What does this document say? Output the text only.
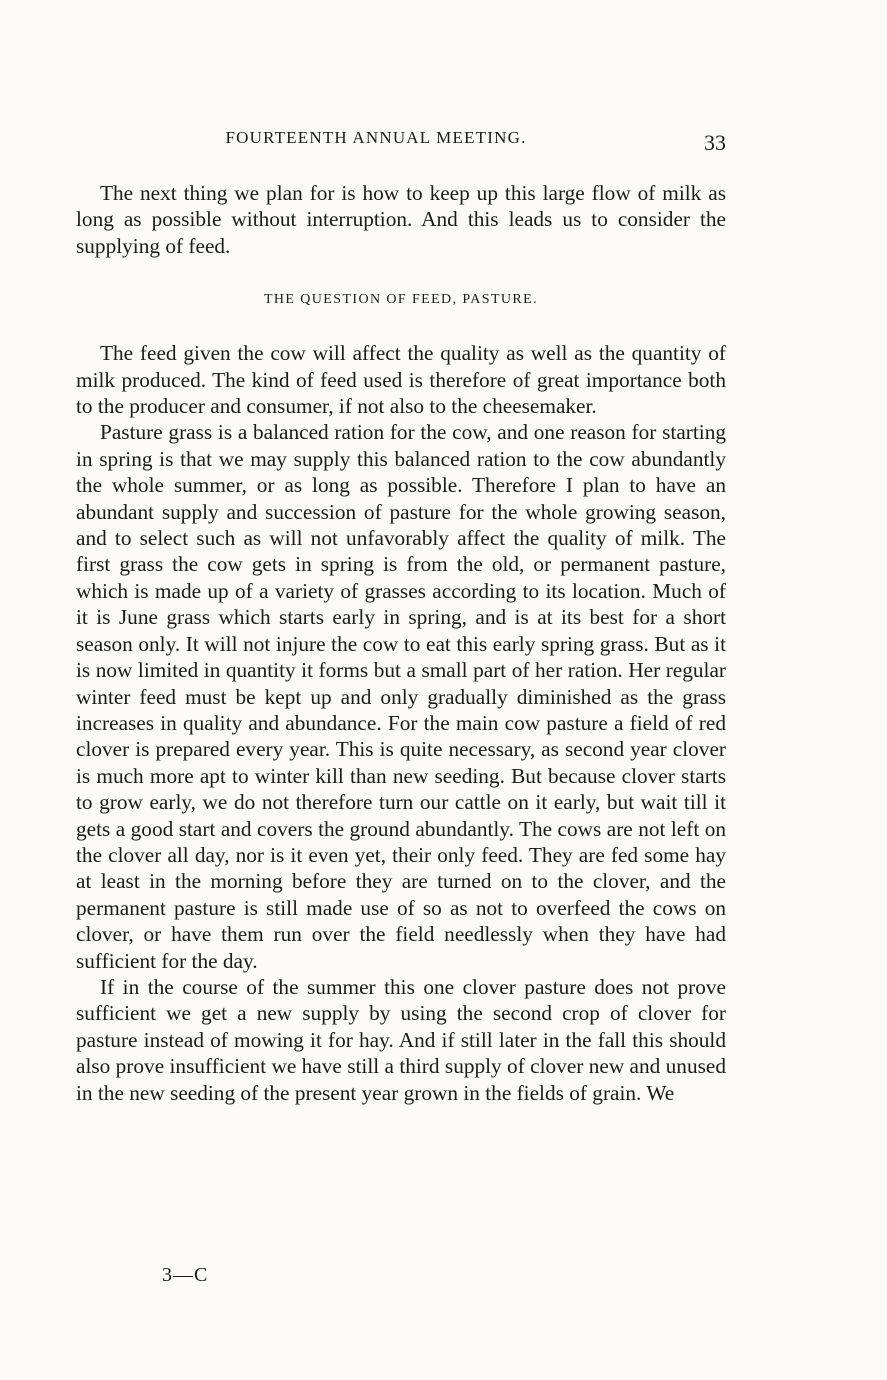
FOURTEENTH ANNUAL MEETING.	33

The next thing we plan for is how to keep up this large flow of milk as long as possible without interruption. And this leads us to consider the supplying of feed.

THE QUESTION OF FEED, PASTURE.

The feed given the cow will affect the quality as well as the quantity of milk produced. The kind of feed used is therefore of great importance both to the producer and consumer, if not also to the cheesemaker.

Pasture grass is a balanced ration for the cow, and one reason for starting in spring is that we may supply this balanced ration to the cow abundantly the whole summer, or as long as possible. Therefore I plan to have an abundant supply and succession of pasture for the whole growing season, and to select such as will not unfavorably affect the quality of milk. The first grass the cow gets in spring is from the old, or permanent pasture, which is made up of a variety of grasses according to its location. Much of it is June grass which starts early in spring, and is at its best for a short season only. It will not injure the cow to eat this early spring grass. But as it is now limited in quantity it forms but a small part of her ration. Her regular winter feed must be kept up and only gradually diminished as the grass increases in quality and abundance. For the main cow pasture a field of red clover is prepared every year. This is quite necessary, as second year clover is much more apt to winter kill than new seeding. But because clover starts to grow early, we do not therefore turn our cattle on it early, but wait till it gets a good start and covers the ground abundantly. The cows are not left on the clover all day, nor is it even yet, their only feed. They are fed some hay at least in the morning before they are turned on to the clover, and the permanent pasture is still made use of so as not to overfeed the cows on clover, or have them run over the field needlessly when they have had sufficient for the day.

If in the course of the summer this one clover pasture does not prove sufficient we get a new supply by using the second crop of clover for pasture instead of mowing it for hay. And if still later in the fall this should also prove insufficient we have still a third supply of clover new and unused in the new seeding of the present year grown in the fields of grain. We

3—C
